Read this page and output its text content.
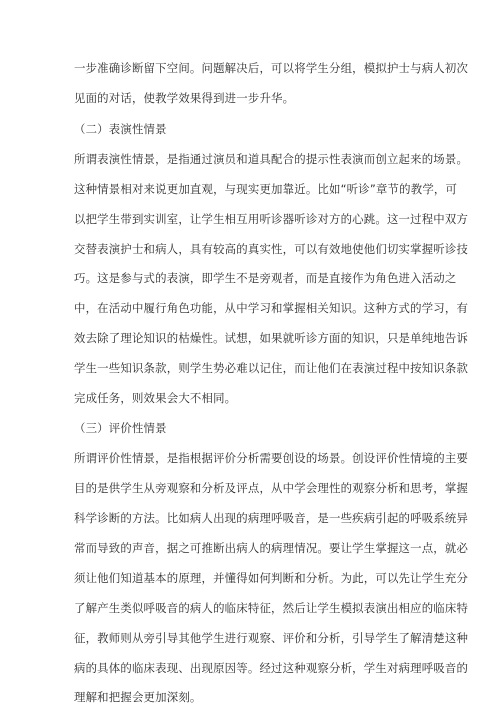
一步准确诊断留下空间。问题解决后，可以将学生分组，模拟护士与病人初次
见面的对话，使教学效果得到进一步升华。
（二）表演性情景
所谓表演性情景，是指通过演员和道具配合的提示性表演而创立起来的场景。
这种情景相对来说更加直观，与现实更加靠近。比如“听诊”章节的教学，可
以把学生带到实训室，让学生相互用听诊器听诊对方的心跳。这一过程中双方
交替表演护士和病人，具有较高的真实性，可以有效地使他们切实掌握听诊技
巧。这是参与式的表演，即学生不是旁观者，而是直接作为角色进入活动之
中，在活动中履行角色功能，从中学习和掌握相关知识。这种方式的学习，有
效去除了理论知识的枯燥性。试想，如果就听诊方面的知识，只是单纯地告诉
学生一些知识条款，则学生势必难以记住，而让他们在表演过程中按知识条款
完成任务，则效果会大不相同。
（三）评价性情景
所谓评价性情景，是指根据评价分析需要创设的场景。创设评价性情境的主要
目的是供学生从旁观察和分析及评点，从中学会理性的观察分析和思考，掌握
科学诊断的方法。比如病人出现的病理呼吸音，是一些疾病引起的呼吸系统异
常而导致的声音，据之可推断出病人的病理情况。要让学生掌握这一点，就必
须让他们知道基本的原理，并懂得如何判断和分析。为此，可以先让学生充分
了解产生类似呼吸音的病人的临床特征，然后让学生模拟表演出相应的临床特
征，教师则从旁引导其他学生进行观察、评价和分析，引导学生了解清楚这种
病的具体的临床表现、出现原因等。经过这种观察分析，学生对病理呼吸音的
理解和把握会更加深刻。
